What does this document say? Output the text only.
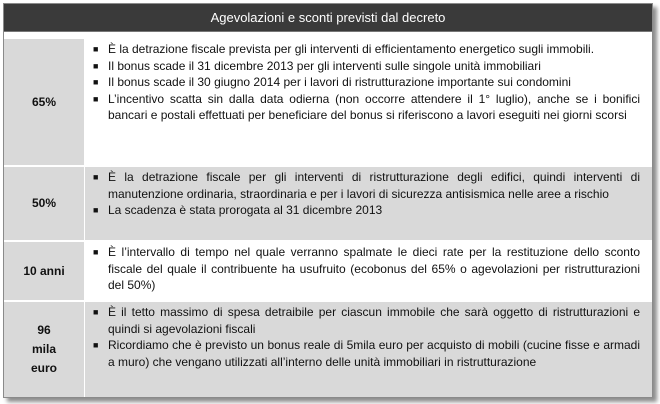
Agevolazioni e sconti previsti dal decreto
65%
■ È la detrazione fiscale prevista per gli interventi di efficientamento energetico sugli immobili.
■ Il bonus scade il 31 dicembre 2013 per gli interventi sulle singole unità immobiliari
■ Il bonus scade il 30 giugno 2014 per i lavori di ristrutturazione importante sui condomini
■ L’incentivo scatta sin dalla data odierna (non occorre attendere il 1° luglio), anche se i bonifici bancari e postali effettuati per beneficiare del bonus si riferiscono a lavori eseguiti nei giorni scorsi
50%
■ È la detrazione fiscale per gli interventi di ristrutturazione degli edifici, quindi interventi di manutenzione ordinaria, straordinaria e per i lavori di sicurezza antisismica nelle aree a rischio
■ La scadenza è stata prorogata al 31 dicembre 2013
10 anni
■ È l’intervallo di tempo nel quale verranno spalmate le dieci rate per la restituzione dello sconto fiscale del quale il contribuente ha usufruito (ecobonus del 65% o agevolazioni per ristrutturazioni del 50%)
96
mila
euro
■ È il tetto massimo di spesa detraibile per ciascun immobile che sarà oggetto di ristrutturazioni e quindi si agevolazioni fiscali
■ Ricordiamo che è previsto un bonus reale di 5mila euro per acquisto di mobili (cucine fisse e armadi a muro) che vengano utilizzati all’interno delle unità immobiliari in ristrutturazione
